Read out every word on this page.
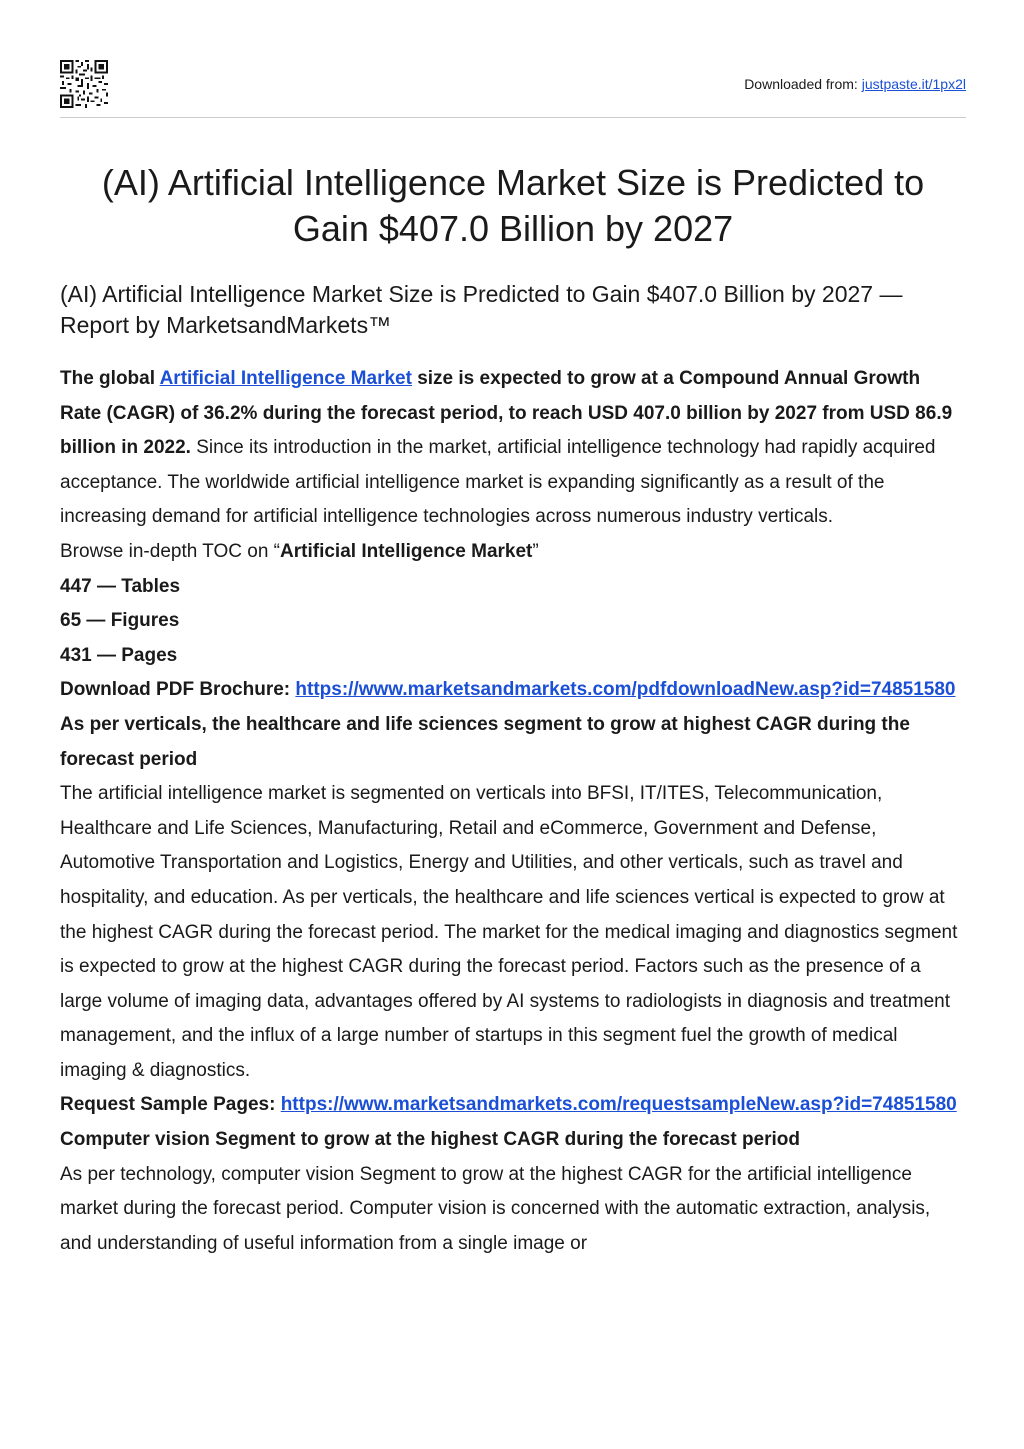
Downloaded from: justpaste.it/1px2l
(AI) Artificial Intelligence Market Size is Predicted to Gain $407.0 Billion by 2027
(AI) Artificial Intelligence Market Size is Predicted to Gain $407.0 Billion by 2027 — Report by MarketsandMarkets™

The global Artificial Intelligence Market size is expected to grow at a Compound Annual Growth Rate (CAGR) of 36.2% during the forecast period, to reach USD 407.0 billion by 2027 from USD 86.9 billion in 2022. Since its introduction in the market, artificial intelligence technology had rapidly acquired acceptance. The worldwide artificial intelligence market is expanding significantly as a result of the increasing demand for artificial intelligence technologies across numerous industry verticals.

Browse in-depth TOC on “Artificial Intelligence Market”

447 — Tables

65 — Figures

431 — Pages

Download PDF Brochure: https://www.marketsandmarkets.com/pdfdownloadNew.asp?id=74851580

As per verticals, the healthcare and life sciences segment to grow at highest CAGR during the forecast period

The artificial intelligence market is segmented on verticals into BFSI, IT/ITES, Telecommunication, Healthcare and Life Sciences, Manufacturing, Retail and eCommerce, Government and Defense, Automotive Transportation and Logistics, Energy and Utilities, and other verticals, such as travel and hospitality, and education. As per verticals, the healthcare and life sciences vertical is expected to grow at the highest CAGR during the forecast period. The market for the medical imaging and diagnostics segment is expected to grow at the highest CAGR during the forecast period. Factors such as the presence of a large volume of imaging data, advantages offered by AI systems to radiologists in diagnosis and treatment management, and the influx of a large number of startups in this segment fuel the growth of medical imaging & diagnostics.

Request Sample Pages: https://www.marketsandmarkets.com/requestsampleNew.asp?id=74851580

Computer vision Segment to grow at the highest CAGR during the forecast period

As per technology, computer vision Segment to grow at the highest CAGR for the artificial intelligence market during the forecast period. Computer vision is concerned with the automatic extraction, analysis, and understanding of useful information from a single image or
